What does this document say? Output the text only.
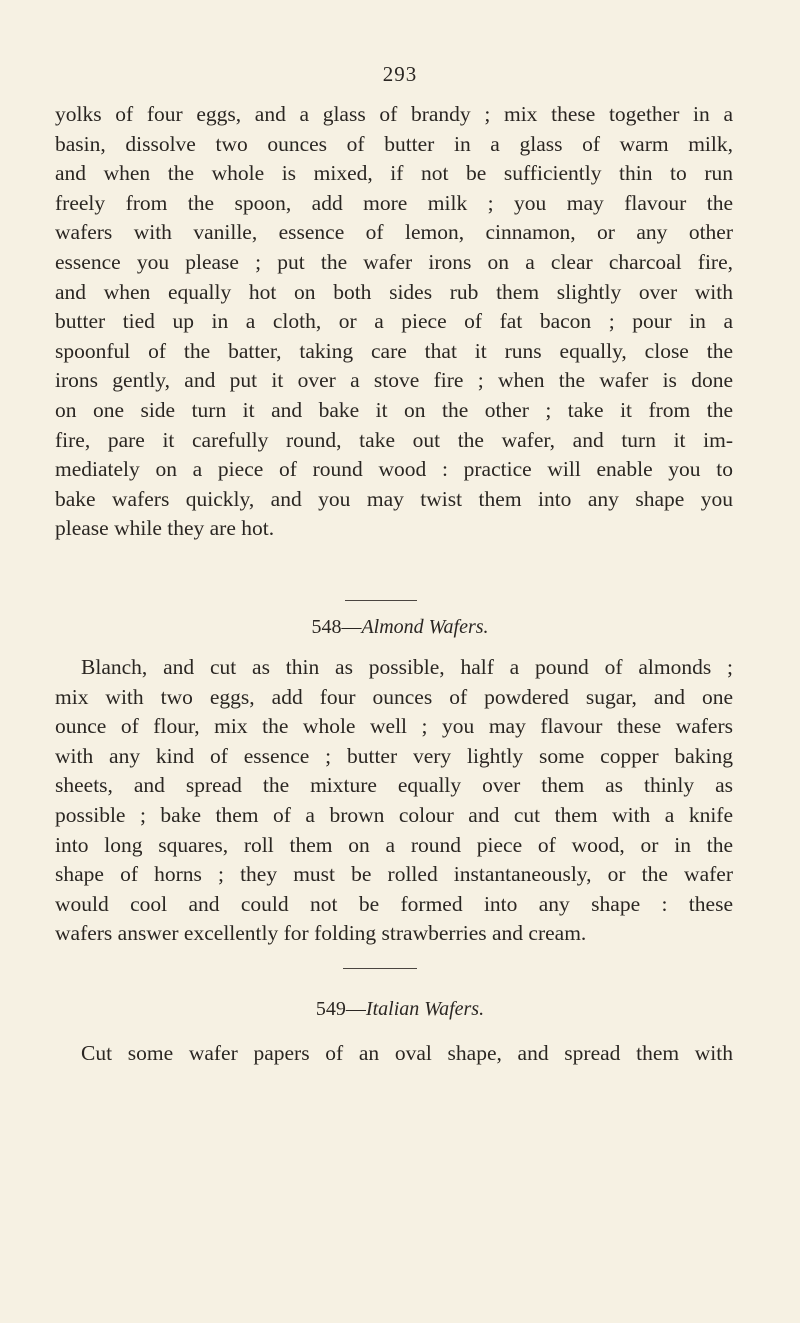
293
yolks of four eggs, and a glass of brandy ; mix these together in a
basin, dissolve two ounces of butter in a glass of warm milk,
and when the whole is mixed, if not be sufficiently thin to run
freely from the spoon, add more milk ; you may flavour the
wafers with vanille, essence of lemon, cinnamon, or any other
essence you please ; put the wafer irons on a clear charcoal fire,
and when equally hot on both sides rub them slightly over with
butter tied up in a cloth, or a piece of fat bacon ; pour in a
spoonful of the batter, taking care that it runs equally, close the
irons gently, and put it over a stove fire ; when the wafer is done
on one side turn it and bake it on the other ; take it from the
fire, pare it carefully round, take out the wafer, and turn it im-
mediately on a piece of round wood : practice will enable you to
bake wafers quickly, and you may twist them into any shape you
please while they are hot.
548—Almond Wafers.
Blanch, and cut as thin as possible, half a pound of almonds ;
mix with two eggs, add four ounces of powdered sugar, and one
ounce of flour, mix the whole well ; you may flavour these wafers
with any kind of essence ; butter very lightly some copper baking
sheets, and spread the mixture equally over them as thinly as
possible ; bake them of a brown colour and cut them with a knife
into long squares, roll them on a round piece of wood, or in the
shape of horns ; they must be rolled instantaneously, or the wafer
would cool and could not be formed into any shape : these
wafers answer excellently for folding strawberries and cream.
549—Italian Wafers.
Cut some wafer papers of an oval shape, and spread them with
